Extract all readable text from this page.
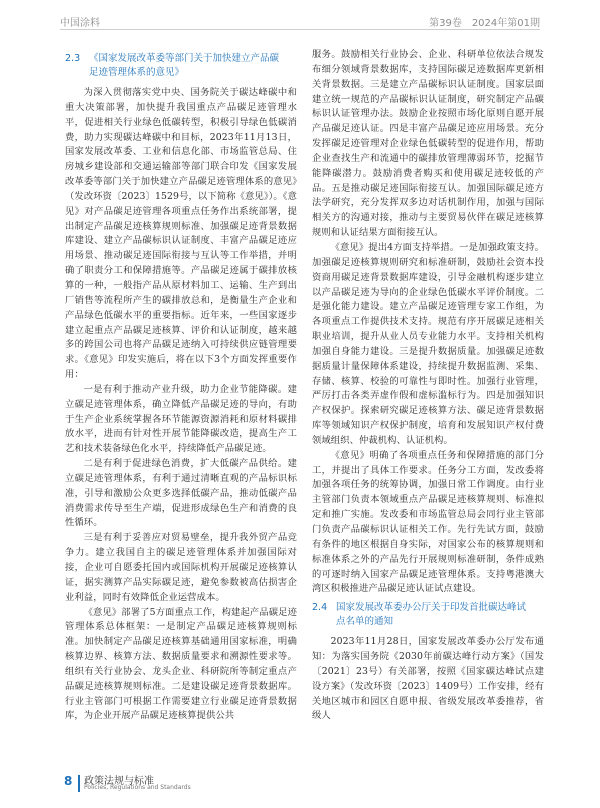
中国涂料	第39卷　2024年第01期
2.3 《国家发展改革委等部门关于加快建立产品碳
足迹管理体系的意见》

为深入贯彻落实党中央、国务院关于碳达峰碳中和重大决策部署，加快提升我国重点产品碳足迹管理水平，促进相关行业绿色低碳转型，积极引导绿色低碳消费，助力实现碳达峰碳中和目标，2023年11月13日，国家发展改革委、工业和信息化部、市场监管总局、住房城乡建设部和交通运输部等部门联合印发《国家发展改革委等部门关于加快建立产品碳足迹管理体系的意见》（发改环资〔2023〕1529号，以下简称《意见》）。《意见》对产品碳足迹管理各项重点任务作出系统部署，提出制定产品碳足迹核算规则标准、加强碳足迹背景数据库建设、建立产品碳标识认证制度、丰富产品碳足迹应用场景、推动碳足迹国际衔接与互认等工作举措，并明确了职责分工和保障措施等。产品碳足迹属于碳排放核算的一种，一般指产品从原材料加工、运输、生产到出厂销售等流程所产生的碳排放总和，是衡量生产企业和产品绿色低碳水平的重要指标。近年来，一些国家逐步建立起重点产品碳足迹核算、评价和认证制度，越来越多的跨国公司也将产品碳足迹纳入可持续供应链管理要求。《意见》印发实施后，将在以下3个方面发挥重要作用：

一是有利于推动产业升级，助力企业节能降碳。建立碳足迹管理体系，确立降低产品碳足迹的导向，有助于生产企业系统掌握各环节能源资源消耗和原材料碳排放水平，进而有针对性开展节能降碳改造，提高生产工艺和技术装备绿色化水平，持续降低产品碳足迹。

二是有利于促进绿色消费，扩大低碳产品供给。建立碳足迹管理体系，有利于通过清晰直观的产品标识标准，引导和激励公众更多选择低碳产品，推动低碳产品消费需求传导至生产端，促进形成绿色生产和消费的良性循环。

三是有利于妥善应对贸易壁垒，提升我外贸产品竞争力。建立我国自主的碳足迹管理体系并加强国际对接，企业可自愿委托国内或国际机构开展碳足迹核算认证，据实测算产品实际碳足迹，避免参数被高估损害企业利益，同时有效降低企业运营成本。

《意见》部署了5方面重点工作，构建起产品碳足迹管理体系总体框架：一是制定产品碳足迹核算规则标准。加快制定产品碳足迹核算基础通用国家标准，明确核算边界、核算方法、数据质量要求和溯源性要求等。组织有关行业协会、龙头企业、科研院所等制定重点产品碳足迹核算规则标准。二是建设碳足迹背景数据库。行业主管部门可根据工作需要建立行业碳足迹背景数据库，为企业开展产品碳足迹核算提供公共

服务。鼓励相关行业协会、企业、科研单位依法合规发布细分领域背景数据库，支持国际碳足迹数据库更新相关背景数据。三是建立产品碳标识认证制度。国家层面建立统一规范的产品碳标识认证制度，研究制定产品碳标识认证管理办法。鼓励企业按照市场化原则自愿开展产品碳足迹认证。四是丰富产品碳足迹应用场景。充分发挥碳足迹管理对企业绿色低碳转型的促进作用，帮助企业查找生产和流通中的碳排放管理薄弱环节，挖掘节能降碳潜力。鼓励消费者购买和使用碳足迹较低的产品。五是推动碳足迹国际衔接互认。加强国际碳足迹方法学研究，充分发挥双多边对话机制作用，加强与国际相关方的沟通对接，推动与主要贸易伙伴在碳足迹核算规则和认证结果方面衔接互认。

《意见》提出4方面支持举措。一是加强政策支持。加强碳足迹核算规则研究和标准研制，鼓励社会资本投资商用碳足迹背景数据库建设，引导金融机构逐步建立以产品碳足迹为导向的企业绿色低碳水平评价制度。二是强化能力建设。建立产品碳足迹管理专家工作组，为各项重点工作提供技术支持。规范有序开展碳足迹相关职业培训，提升从业人员专业能力水平。支持相关机构加强自身能力建设。三是提升数据质量。加强碳足迹数据质量计量保障体系建设，持续提升数据监测、采集、存储、核算、校验的可靠性与即时性。加强行业管理，严厉打击各类弄虚作假和虚标滥标行为。四是加强知识产权保护。探索研究碳足迹核算方法、碳足迹背景数据库等领域知识产权保护制度，培育和发展知识产权付费领域组织、仲裁机构、认证机构。

《意见》明确了各项重点任务和保障措施的部门分工，并提出了具体工作要求。任务分工方面，发改委将加强各项任务的统筹协调，加强日常工作调度。由行业主管部门负责本领域重点产品碳足迹核算规则、标准拟定和推广实施。发改委和市场监管总局会同行业主管部门负责产品碳标识认证相关工作。先行先试方面，鼓励有条件的地区根据自身实际，对国家公布的核算规则和标准体系之外的产品先行开展规则标准研制，条件成熟的可逐时纳入国家产品碳足迹管理体系。支持粤港澳大湾区积极推进产品碳足迹认证试点建设。

2.4 国家发展改革委办公厅关于印发首批碳达峰试
点名单的通知

2023年11月28日，国家发展改革委办公厅发布通知：为落实国务院《2030年前碳达峰行动方案》（国发〔2021〕23号）有关部署，按照《国家碳达峰试点建设方案》（发改环资〔2023〕1409号）工作安排，经有关地区城市和园区自愿申报、省级发展改革委推荐，省级人

8 政策法规与标准
Policies, Regulations and Standards
